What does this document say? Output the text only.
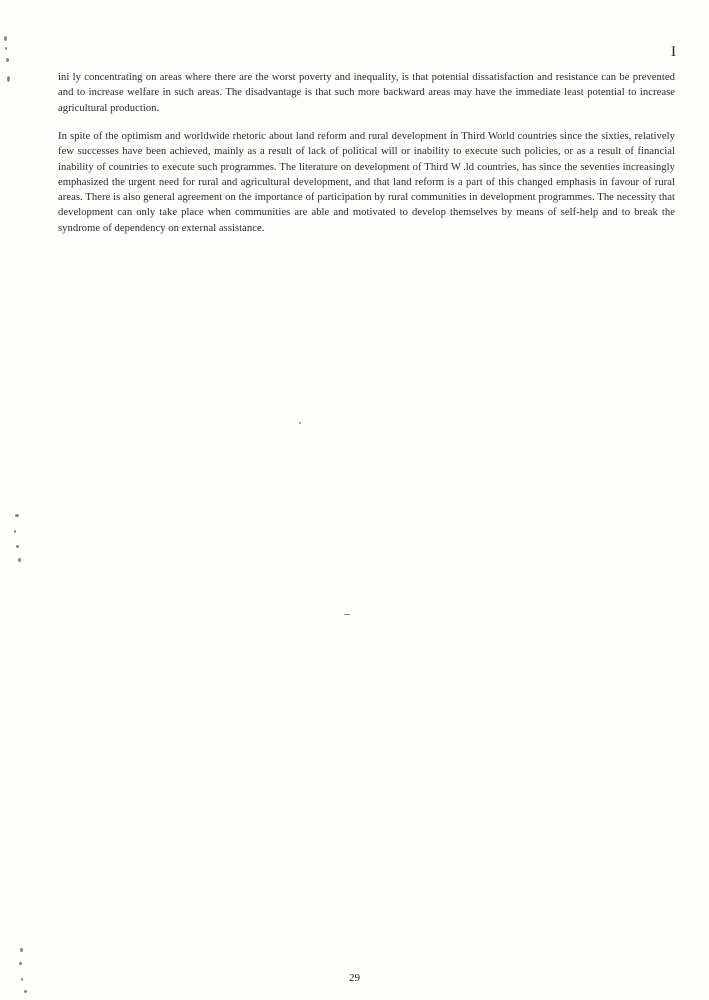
I

ini ly concentrating on areas where there are the worst poverty and inequality, is that potential dissatisfaction and resistance can be prevented and to increase welfare in such areas. The disadvantage is that such more backward areas may have the immediate least potential to increase agricultural production.

In spite of the optimism and worldwide rhetoric about land reform and rural development in Third World countries since the sixties, relatively few successes have been achieved, mainly as a result of lack of political will or inability to execute such policies, or as a result of financial inability of countries to execute such programmes. The literature on development of Third W .ld countries, has since the seventies increasingly emphasized the urgent need for rural and agricultural development, and that land reform is a part of this changed emphasis in favour of rural areas. There is also general agreement on the importance of participation by rural communities in development programmes. The necessity that development can only take place when communities are able and motivated to develop themselves by means of self-help and to break the syndrome of dependency on external assistance.

29
